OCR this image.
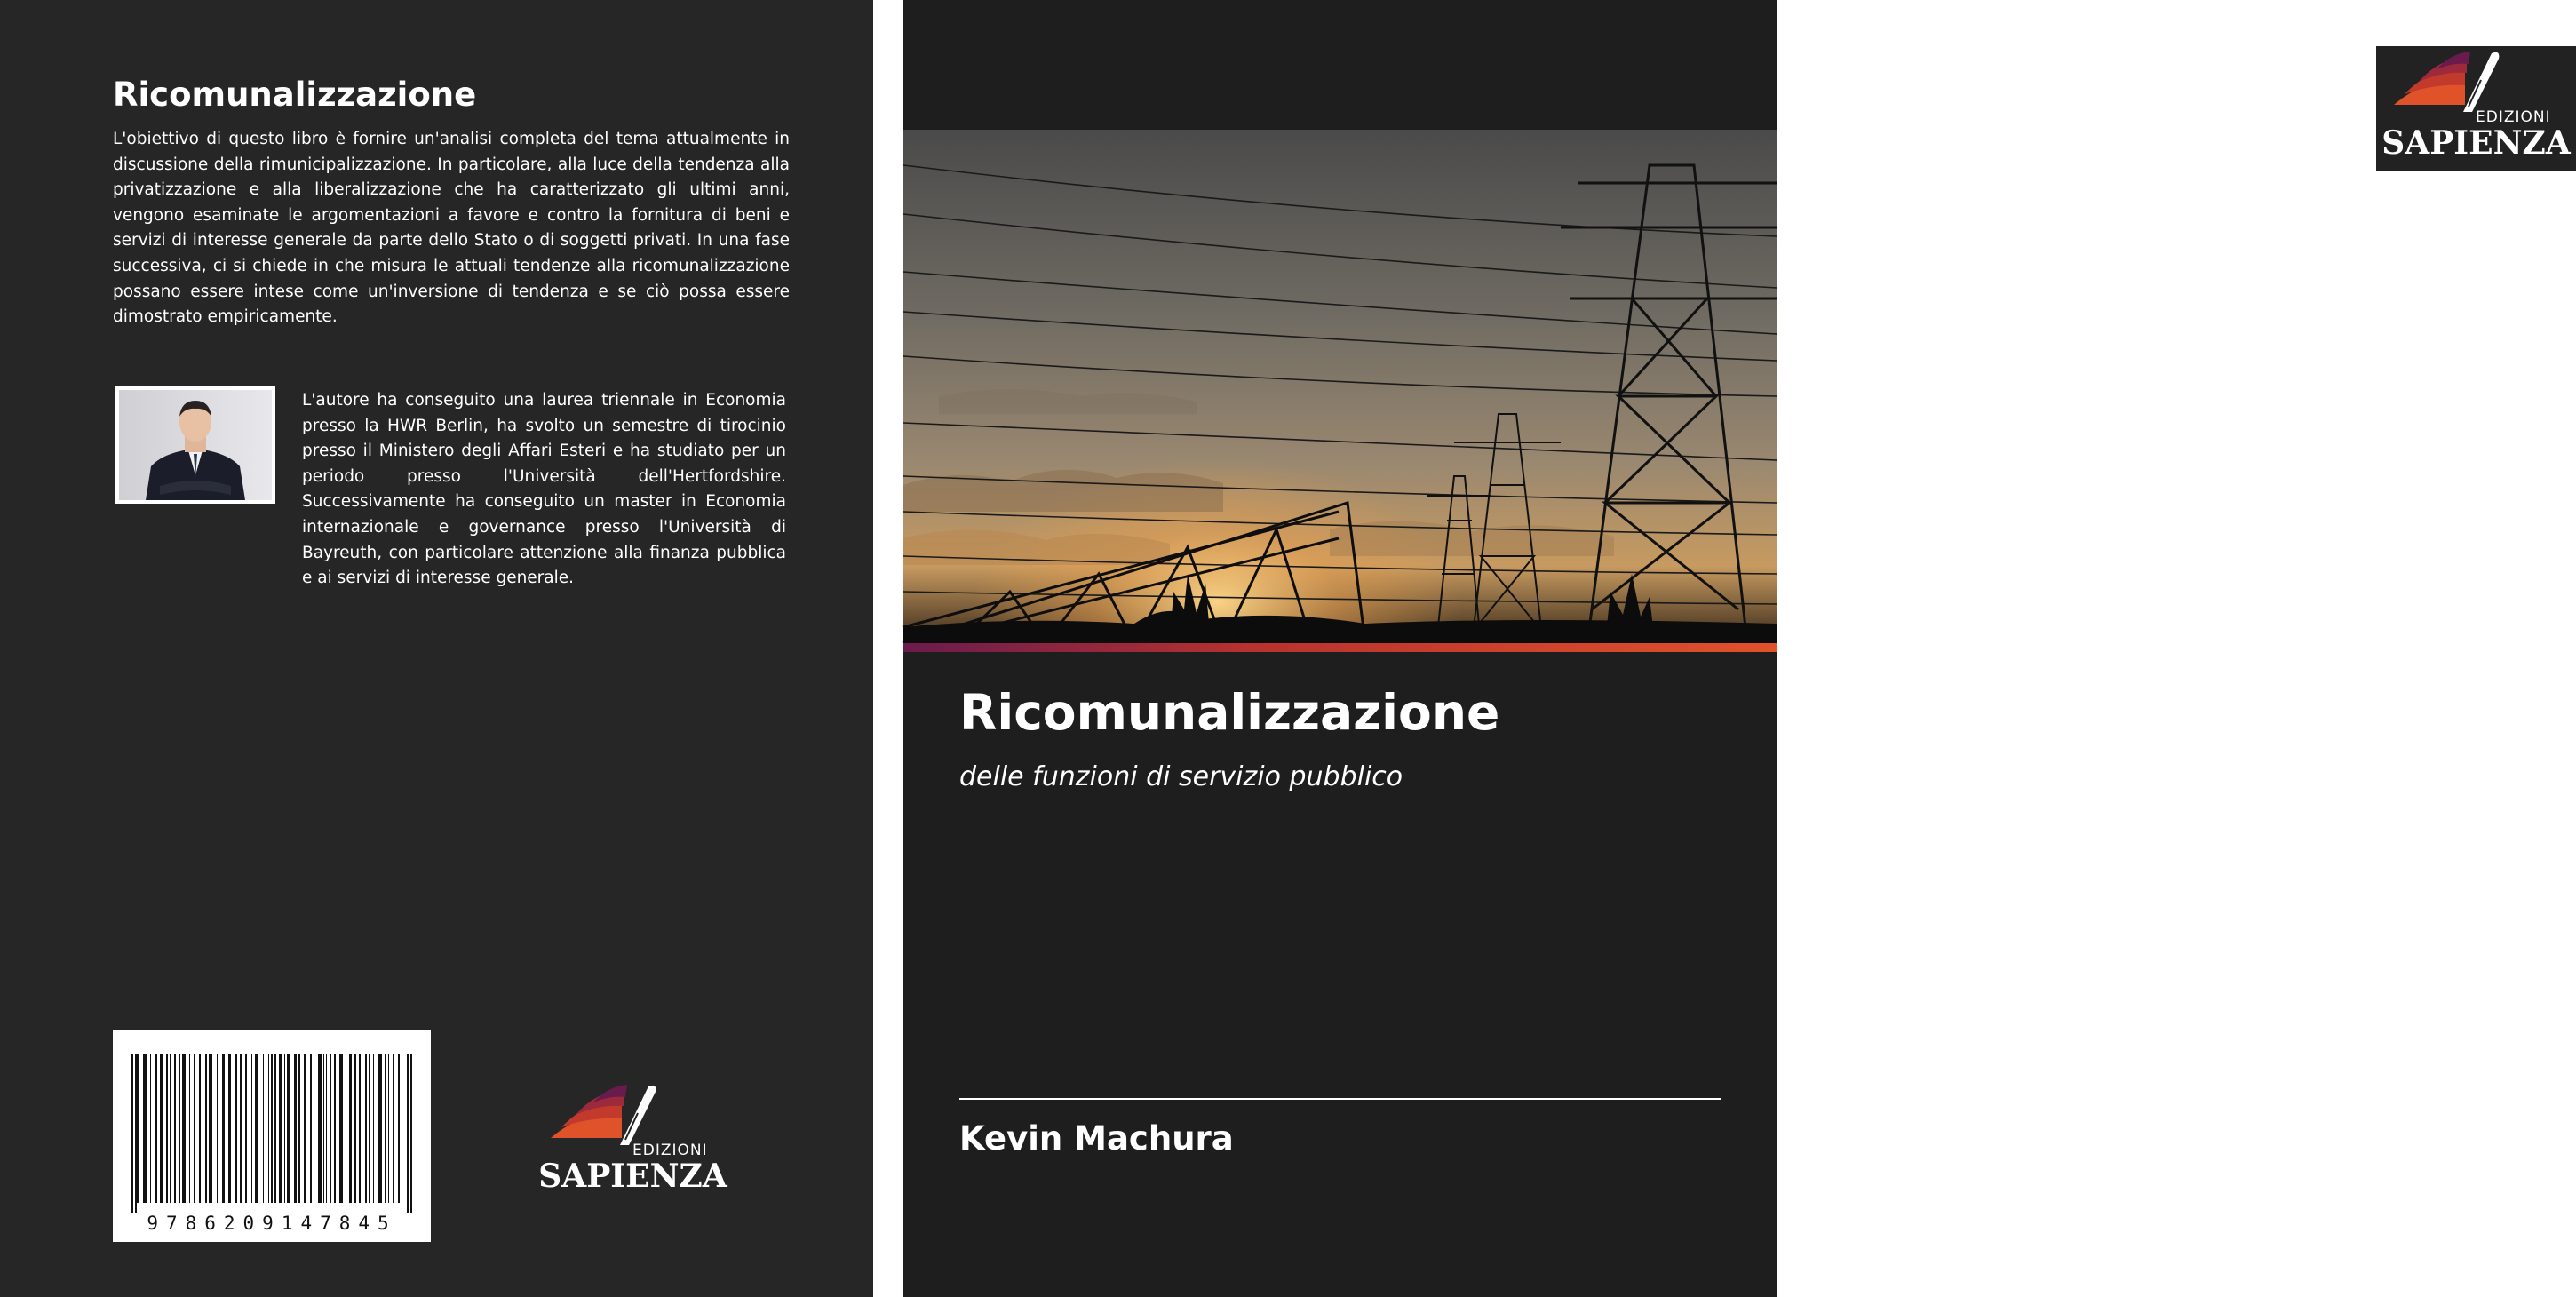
Ricomunalizzazione

L'obiettivo di questo libro è fornire un'analisi completa del tema attualmente in discussione della rimunicipalizzazione. In particolare, alla luce della tendenza alla privatizzazione e alla liberalizzazione che ha caratterizzato gli ultimi anni, vengono esaminate le argomentazioni a favore e contro la fornitura di beni e servizi di interesse generale da parte dello Stato o di soggetti privati. In una fase successiva, ci si chiede in che misura le attuali tendenze alla ricomunalizzazione possano essere intese come un'inversione di tendenza e se ciò possa essere dimostrato empiricamente.

L'autore ha conseguito una laurea triennale in Economia presso la HWR Berlin, ha svolto un semestre di tirocinio presso il Ministero degli Affari Esteri e ha studiato per un periodo presso l'Università dell'Hertfordshire. Successivamente ha conseguito un master in Economia internazionale e governance presso l'Università di Bayreuth, con particolare attenzione alla finanza pubblica e ai servizi di interesse generale.

9786209147845

EDIZIONI

SAPIENZA

EDIZIONI

SAPIENZA

Ricomunalizzazione

delle funzioni di servizio pubblico

Kevin Machura
